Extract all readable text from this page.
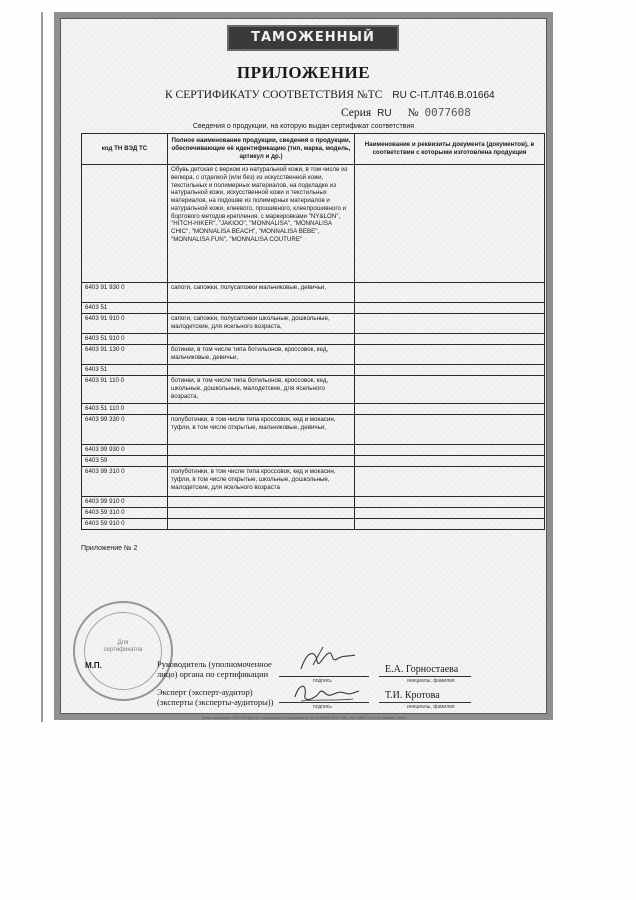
ТАМОЖЕННЫЙ СОЮЗ
ПРИЛОЖЕНИЕ
К СЕРТИФИКАТУ СООТВЕТСТВИЯ №ТС RU C-IT.ЛТ46.B.01664
Серия RU № 0077608
Сведения о продукции, на которую выдан сертификат соответствия
код ТН ВЭД ТС	Полное наименование продукции, сведения о продукции, обеспечивающие её идентификацию (тип, марка, модель, артикул и др.)	Наименование и реквизиты документа (документов), в соответствии с которыми изготовлена продукция
	Обувь детская с верхом из натуральной кожи, в том числе из велюра, с отделкой (или без) из искусственной кожи, текстильных и полимерных материалов, на подкладке из натуральной кожи, искусственной кожи и текстильных материалов, на подошве из полимерных материалов и натуральной кожи, клеевого, прошивного, клеепрошивного и бортового методов крепления, с маркировками "NY&LON", "HITCH-HIKER", "JAKIOO", "MONNALISA", "MONNALISA CHIC", "MONNALISA BEACH", "MONNALISA BEBE", "MONNALISA FUN", "MONNALISA COUTURE"	
6403 91 930 0	сапоги, сапожки, полусапожки мальчиковые, девичьи,	
6403 51		
6403 91 910 0	сапоги, сапожки, полусапожки школьные, дошкольные, малодетские, для ясельного возраста,	
6403 51 910 0		
6403 91 130 0	ботинки, в том числе типа ботильонов, кроссовок, кед, мальчиковые, девичьи,	
6403 51		
6403 91 110 0	ботинки, в том числе типа ботильонов, кроссовок, кед, школьные, дошкольные, малодетские, для ясельного возраста,	
6403 51 110 0		
6403 99 330 0	полуботинки, в том числе типа кроссовок, кед и мокасин, туфли, в том числе открытые, мальчиковые, девичьи,	
6403 99 930 0		
6403 59		
6403 99 310 0	полуботинки, в том числе типа кроссовок, кед и мокасин, туфли, в том числе открытые, школьные, дошкольные, малодетские, для ясельного возраста	
6403 99 910 0		
6403 59 310 0		
6403 59 910 0		
Приложение № 2
Для
сертификатов
М.П.	Руководитель (уполномоченное
лицо) органа по сертификации
подпись
Е.А. Горностаева
инициалы, фамилия
Эксперт (эксперт-аудитор)
(эксперты (эксперты-аудиторы))	подпись
Т.И. Кротова
инициалы, фамилия
Бланк изготовлен ЗАО «ОПЦИОН», www.opcion.ru (лицензия № 05-05-09/003 ФНС РФ), тел. (495) 726 4742, Москва, 2012
